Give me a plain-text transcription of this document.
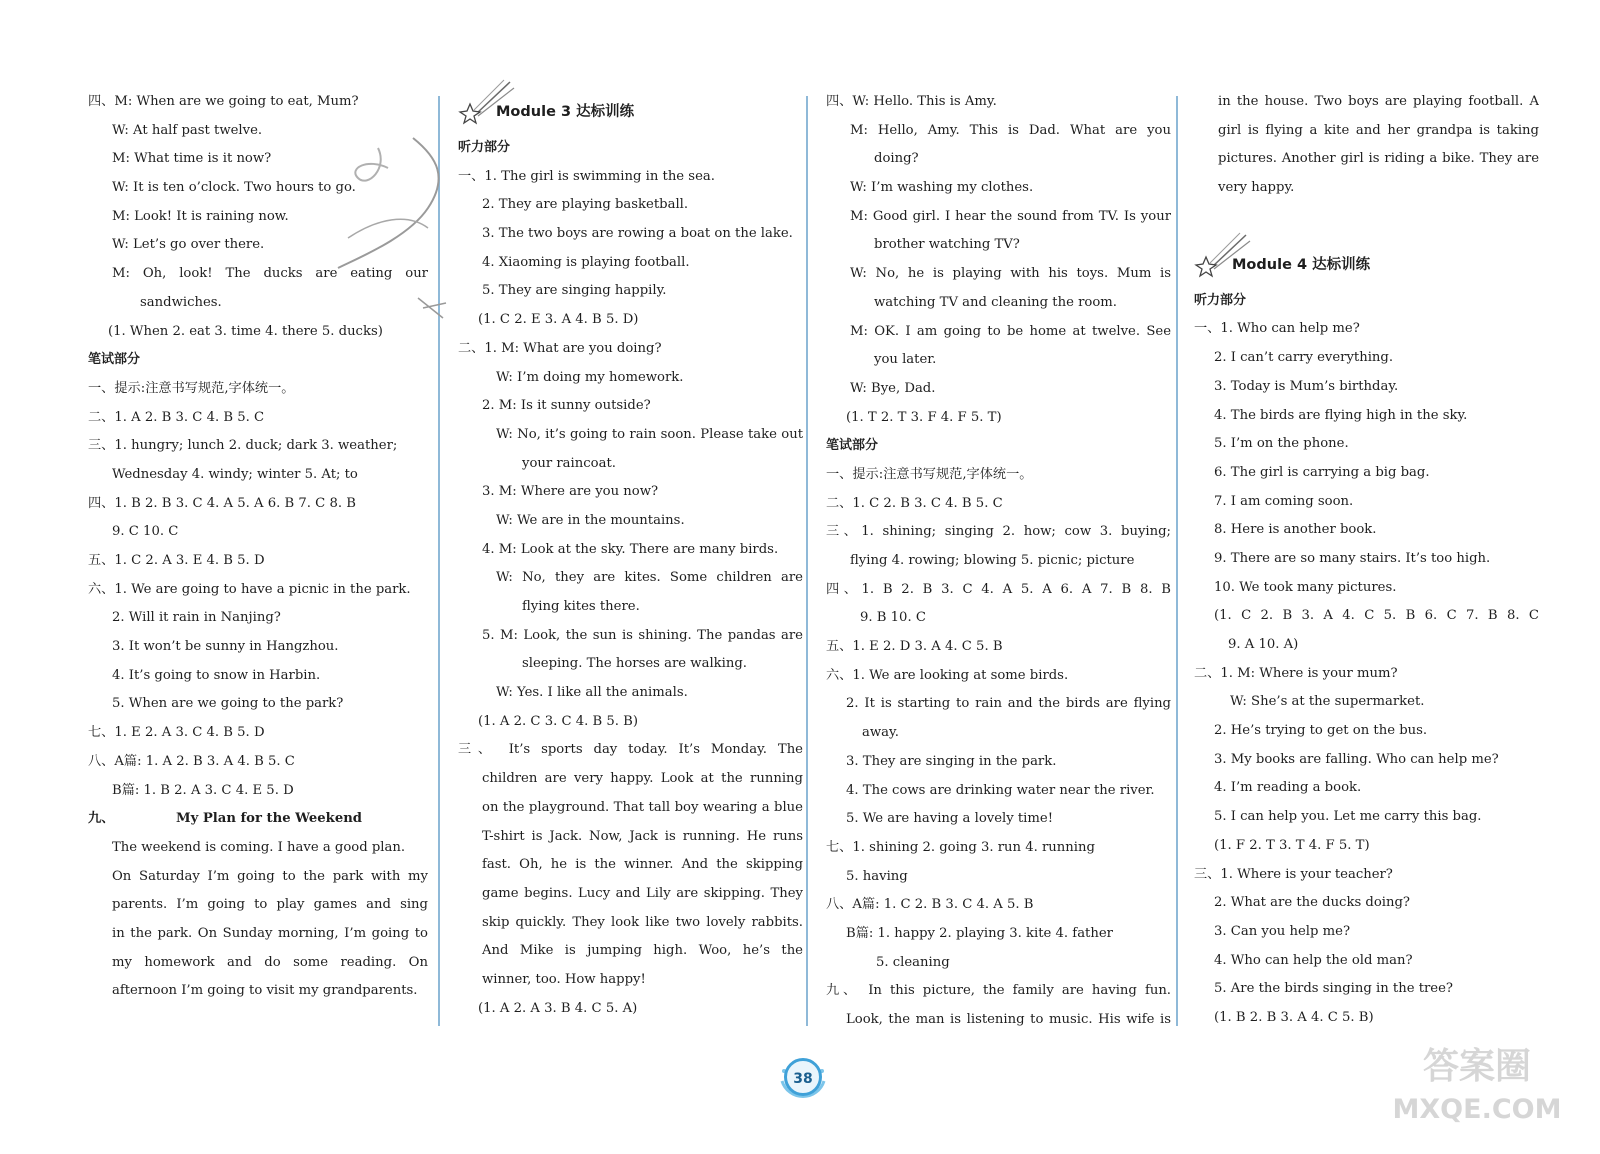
四、M: When are we going to eat, Mum?
W: At half past twelve.
M: What time is it now?
W: It is ten o’clock. Two hours to go.
M: Look! It is raining now.
W: Let’s go over there.
M: Oh, look! The ducks are eating our
sandwiches.
(1. When 2. eat 3. time 4. there 5. ducks)
笔试部分
一、提示:注意书写规范,字体统一。
二、1. A 2. B 3. C 4. B 5. C
三、1. hungry; lunch 2. duck; dark 3. weather;
Wednesday 4. windy; winter 5. At; to
四、1. B 2. B 3. C 4. A 5. A 6. B 7. C 8. B
9. C 10. C
五、1. C 2. A 3. E 4. B 5. D
六、1. We are going to have a picnic in the park.
2. Will it rain in Nanjing?
3. It won’t be sunny in Hangzhou.
4. It’s going to snow in Harbin.
5. When are we going to the park?
七、1. E 2. A 3. C 4. B 5. D
八、A篇: 1. A 2. B 3. A 4. B 5. C
B篇: 1. B 2. A 3. C 4. E 5. D
九、	My Plan for the Weekend
The weekend is coming. I have a good plan.
On Saturday I’m going to the park with my
parents. I’m going to play games and sing
in the park. On Sunday morning, I’m going to
my homework and do some reading. On
afternoon I’m going to visit my grandparents.
Module 3 达标训练
听力部分
一、1. The girl is swimming in the sea.
2. They are playing basketball.
3. The two boys are rowing a boat on the lake.
4. Xiaoming is playing football.
5. They are singing happily.
(1. C 2. E 3. A 4. B 5. D)
二、1. M: What are you doing?
W: I’m doing my homework.
2. M: Is it sunny outside?
W: No, it’s going to rain soon. Please take out
your raincoat.
3. M: Where are you now?
W: We are in the mountains.
4. M: Look at the sky. There are many birds.
W: No, they are kites. Some children are
flying kites there.
5. M: Look, the sun is shining. The pandas are
sleeping. The horses are walking.
W: Yes. I like all the animals.
(1. A 2. C 3. C 4. B 5. B)
三、 It’s sports day today. It’s Monday. The
children are very happy. Look at the running
on the playground. That tall boy wearing a blue
T-shirt is Jack. Now, Jack is running. He runs
fast. Oh, he is the winner. And the skipping
game begins. Lucy and Lily are skipping. They
skip quickly. They look like two lovely rabbits.
And Mike is jumping high. Woo, he’s the
winner, too. How happy!
(1. A 2. A 3. B 4. C 5. A)
四、W: Hello. This is Amy.
M: Hello, Amy. This is Dad. What are you
doing?
W: I’m washing my clothes.
M: Good girl. I hear the sound from TV. Is your
brother watching TV?
W: No, he is playing with his toys. Mum is
watching TV and cleaning the room.
M: OK. I am going to be home at twelve. See
you later.
W: Bye, Dad.
(1. T 2. T 3. F 4. F 5. T)
笔试部分
一、提示:注意书写规范,字体统一。
二、1. C 2. B 3. C 4. B 5. C
三、1. shining; singing 2. how; cow 3. buying;
flying 4. rowing; blowing 5. picnic; picture
四、1. B 2. B 3. C 4. A 5. A 6. A 7. B 8. B
9. B 10. C
五、1. E 2. D 3. A 4. C 5. B
六、1. We are looking at some birds.
2. It is starting to rain and the birds are flying
away.
3. They are singing in the park.
4. The cows are drinking water near the river.
5. We are having a lovely time!
七、1. shining 2. going 3. run 4. running
5. having
八、A篇: 1. C 2. B 3. C 4. A 5. B
B篇: 1. happy 2. playing 3. kite 4. father
5. cleaning
九、 In this picture, the family are having fun.
Look, the man is listening to music. His wife is
in the house. Two boys are playing football. A
girl is flying a kite and her grandpa is taking
pictures. Another girl is riding a bike. They are
very happy.
Module 4 达标训练
听力部分
一、1. Who can help me?
2. I can’t carry everything.
3. Today is Mum’s birthday.
4. The birds are flying high in the sky.
5. I’m on the phone.
6. The girl is carrying a big bag.
7. I am coming soon.
8. Here is another book.
9. There are so many stairs. It’s too high.
10. We took many pictures.
(1. C 2. B 3. A 4. C 5. B 6. C 7. B 8. C
9. A 10. A)
二、1. M: Where is your mum?
W: She’s at the supermarket.
2. He’s trying to get on the bus.
3. My books are falling. Who can help me?
4. I’m reading a book.
5. I can help you. Let me carry this bag.
(1. F 2. T 3. T 4. F 5. T)
三、1. Where is your teacher?
2. What are the ducks doing?
3. Can you help me?
4. Who can help the old man?
5. Are the birds singing in the tree?
(1. B 2. B 3. A 4. C 5. B)
38	答案圈
MXQE.COM
